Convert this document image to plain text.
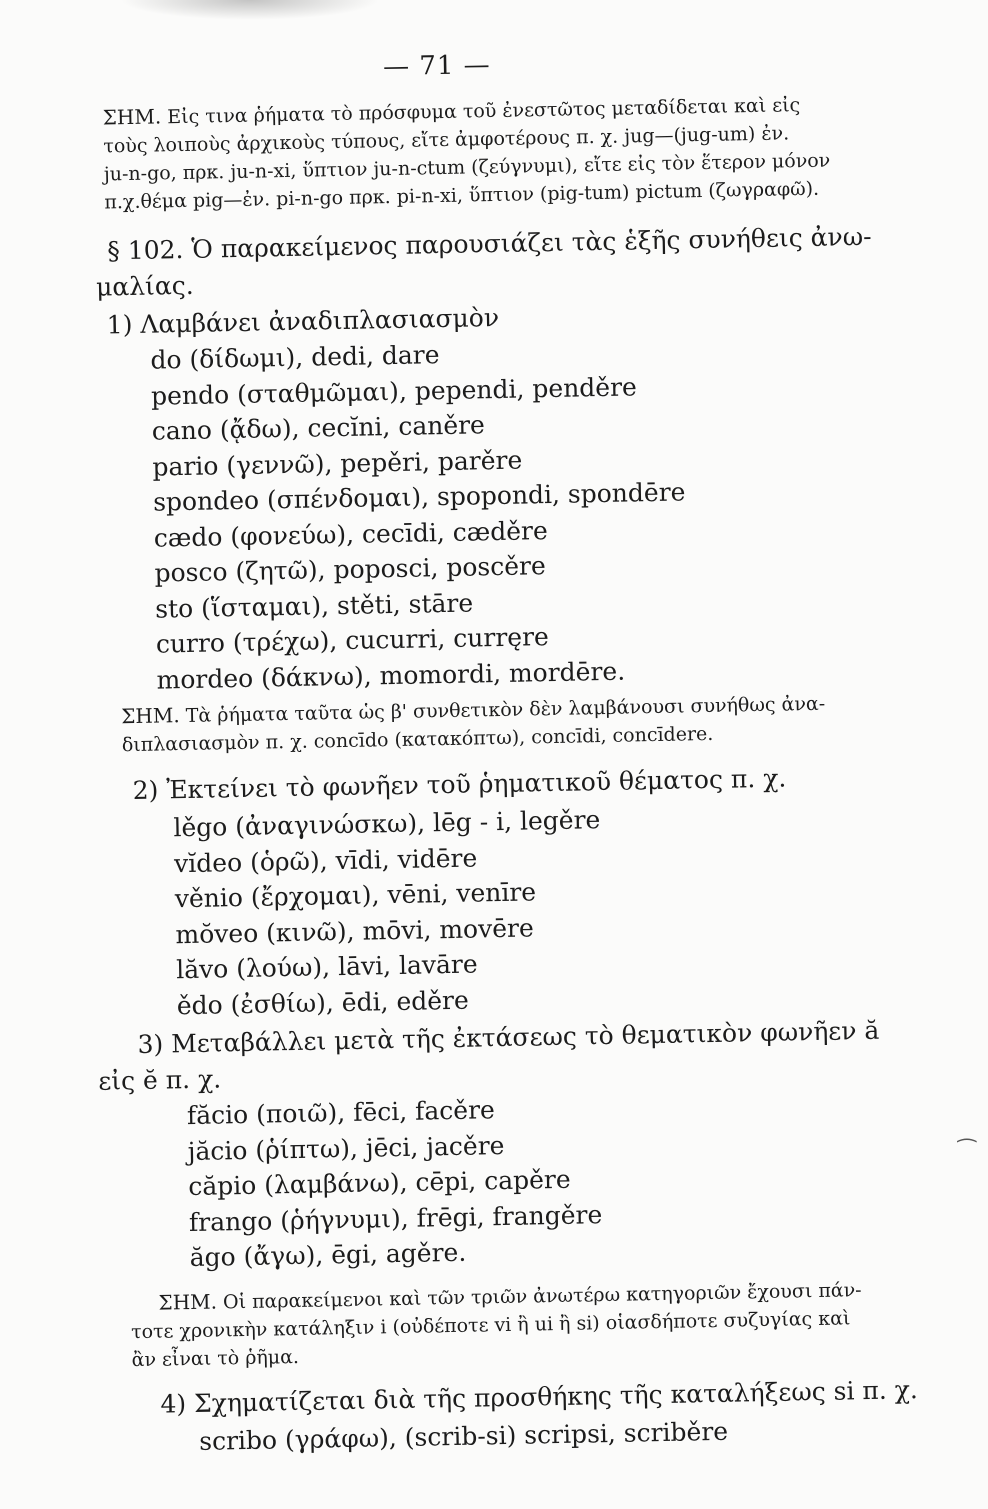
— 71 —
ΣΗΜ. Εἰς τινα ῥήματα τὸ πρόσφυμα τοῦ ἐνεστῶτος μεταδίδεται καὶ εἰς
τοὺς λοιποὺς ἀρχικοὺς τύπους, εἴτε ἀμφοτέρους π. χ. jug—(jug-um) ἐν.
ju-n-go, πρκ. ju-n-xi, ὕπτιον ju-n-ctum (ζεύγνυμι), εἴτε εἰς τὸν ἕτερον μόνον
π.χ.θέμα pig—ἐν. pi-n-go πρκ. pi-n-xi, ὕπτιον (pig-tum) pictum (ζωγραφῶ).
§ 102. Ὁ παρακείμενος παρουσιάζει τὰς ἑξῆς συνήθεις ἀνω-
μαλίας.
1) Λαμβάνει ἀναδιπλασιασμὸν
do (δίδωμι), dedi, dare
pendo (σταθμῶμαι), pependi, penděre
cano (ᾄδω), cecĭni, caněre
pario (γεννῶ), pepěri, parěre
spondeo (σπένδομαι), spopondi, spondēre
cædo (φονεύω), cecīdi, cæděre
posco (ζητῶ), poposci, poscěre
sto (ἵσταμαι), stěti, stāre
curro (τρέχω), cucurri, curręre
mordeo (δάκνω), momordi, mordēre.
ΣΗΜ. Τὰ ῥήματα ταῦτα ὡς β' συνθετικὸν δὲν λαμβάνουσι συνήθως ἀνα-
διπλασιασμὸν π. χ. concīdo (κατακόπτω), concīdi, concīdere.
2) Ἐκτείνει τὸ φωνῆεν τοῦ ῥηματικοῦ θέματος π. χ.
lěgo (ἀναγινώσκω), lēg - i, legěre
vĭdeo (ὁρῶ), vīdi, vidēre
věnio (ἔρχομαι), vēni, venīre
mŏveo (κινῶ), mōvi, movēre
lăvo (λούω), lāvi, lavāre
ědo (ἐσθίω), ēdi, eděre
3) Μεταβάλλει μετὰ τῆς ἐκτάσεως τὸ θεματικὸν φωνῆεν ă
εἰς ĕ π. χ.
făcio (ποιῶ), fēci, facěre
jăcio (ῥίπτω), jēci, jacěre
căpio (λαμβάνω), cēpi, capěre
frango (ῥήγνυμι), frēgi, frangěre
ăgo (ἄγω), ēgi, agěre.
ΣΗΜ. Οἱ παρακείμενοι καὶ τῶν τριῶν ἀνωτέρω κατηγοριῶν ἔχουσι πάν-
τοτε χρονικὴν κατάληξιν i (οὐδέποτε vi ἢ ui ἢ si) οἱασδήποτε συζυγίας καὶ
ἂν εἶναι τὸ ῥῆμα.
4) Σχηματίζεται διὰ τῆς προσθήκης τῆς καταλήξεως si π. χ.
scribo (γράφω), (scrib-si) scripsi, scriběre
⁔
